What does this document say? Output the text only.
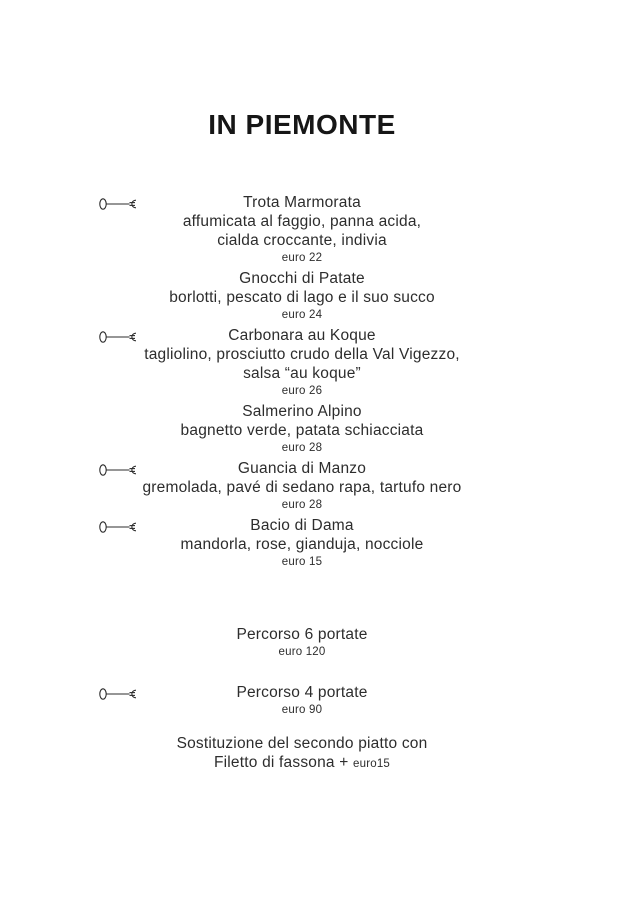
IN PIEMONTE
Trota Marmorata
affumicata al faggio, panna acida,
cialda croccante, indivia
euro 22
Gnocchi di Patate
borlotti, pescato di lago e il suo succo
euro 24
Carbonara au Koque
tagliolino, prosciutto crudo della Val Vigezzo,
salsa “au koque”
euro 26
Salmerino Alpino
bagnetto verde, patata schiacciata
euro 28
Guancia di Manzo
gremolada, pavé di sedano rapa, tartufo nero
euro 28
Bacio di Dama
mandorla, rose, gianduja, nocciole
euro 15
Percorso 6 portate
euro 120
Percorso 4 portate
euro 90
Sostituzione del secondo piatto con
Filetto di fassona + euro15
